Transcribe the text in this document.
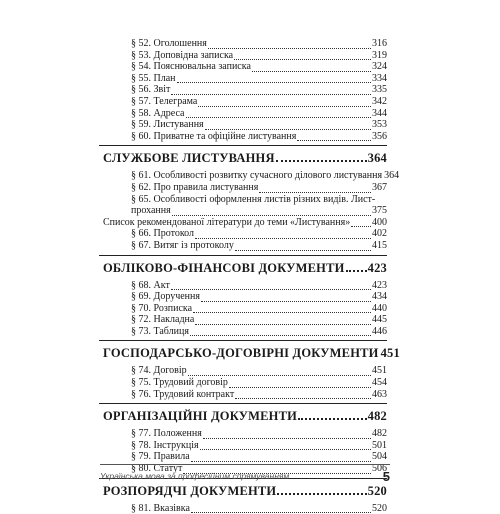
§ 52. Оголошення	316
§ 53. Доповідна записка	319
§ 54. Пояснювальна записка	324
§ 55. План	334
§ 56. Звіт	335
§ 57. Телеграма	342
§ 58. Адреса	344
§ 59. Листування	353
§ 60. Приватне та офіційне листування	356
СЛУЖБОВЕ ЛИСТУВАННЯ	364
§ 61. Особливості розвитку сучасного ділового листування 364
§ 62. Про правила листування	367
§ 65. Особливості оформлення листів різних видів. Лист-
прохання	375
Список рекомендованої літератури до теми «Листування» 400
§ 66. Протокол	402
§ 67. Витяг із протоколу	415
ОБЛІКОВО-ФІНАНСОВІ ДОКУМЕНТИ 423
§ 68. Акт	423
§ 69. Доручення	434
§ 70. Розписка	440
§ 72. Накладна	445
§ 73. Таблиця	446
ГОСПОДАРСЬКО-ДОГОВІРНІ ДОКУМЕНТИ 451
§ 74. Договір	451
§ 75. Трудовий договір	454
§ 76. Трудовий контракт	463
ОРГАНІЗАЦІЙНІ ДОКУМЕНТИ	482
§ 77. Положення	482
§ 78. Інструкція	501
§ 79. Правила	504
§ 80. Статут	506
РОЗПОРЯДЧІ ДОКУМЕНТИ	520
§ 81. Вказівка	520
Українська мова за професійним спрямуванням	5
